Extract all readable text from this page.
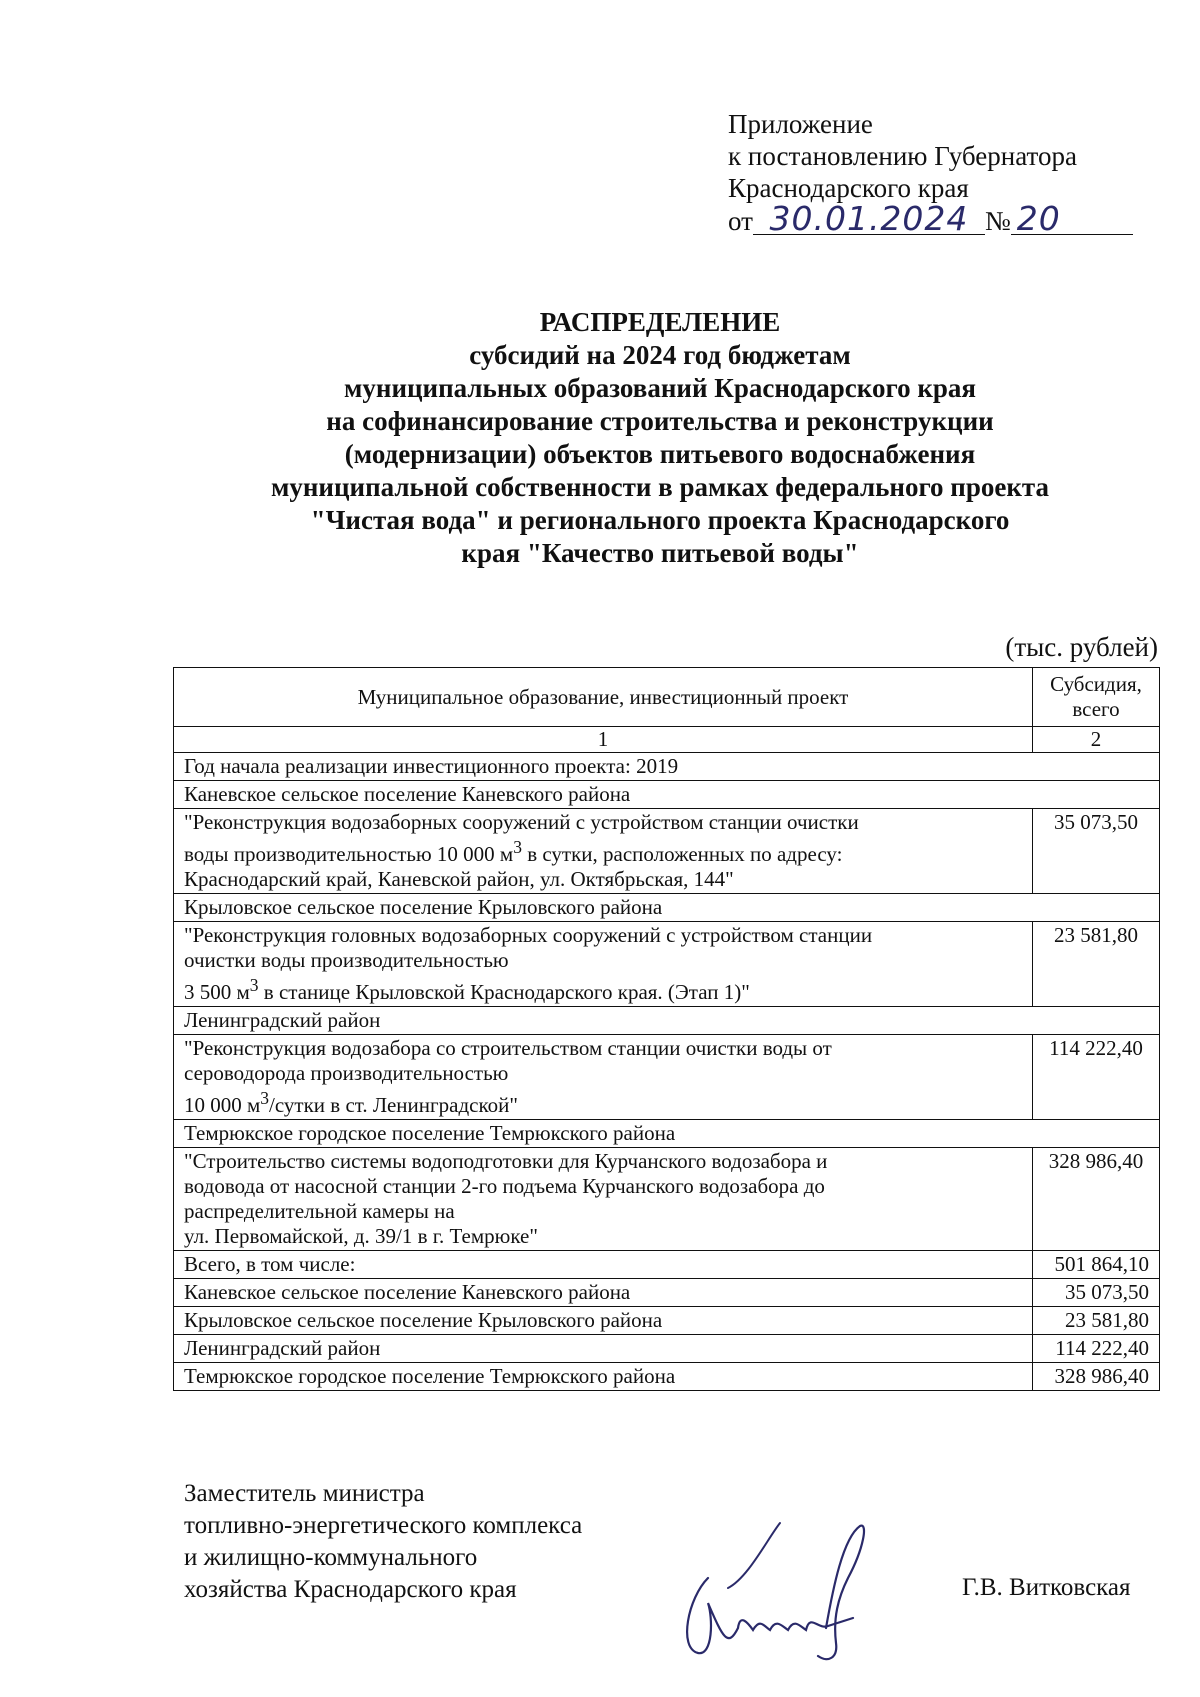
Приложение
к постановлению Губернатора
Краснодарского края
от 30.01.2024 № 20
РАСПРЕДЕЛЕНИЕ
субсидий на 2024 год бюджетам
муниципальных образований Краснодарского края
на софинансирование строительства и реконструкции
(модернизации) объектов питьевого водоснабжения
муниципальной собственности в рамках федерального проекта
"Чистая вода" и регионального проекта Краснодарского
края "Качество питьевой воды"
(тыс. рублей)
Муниципальное образование, инвестиционный проект	Субсидия,
всего

1	2
Год начала реализации инвестиционного проекта: 2019	
Каневское сельское поселение Каневского района	

"Реконструкция водозаборных сооружений с устройством станции очистки
воды производительностью 10 000 $м^3$ в сутки, расположенных по адресу:
Краснодарский край, Каневской район, ул. Октябрьская, 144"	35 073,50
Крыловское сельское поселение Крыловского района	

"Реконструкция головных водозаборных сооружений с устройством станции
очистки воды производительностью
3 500 $м^3$ в станице Крыловской Краснодарского края. (Этап 1)"	23 581,80
Ленинградский район	

"Реконструкция водозабора со строительством станции очистки воды от
сероводорода производительностью
10 000 $м^3$/сутки в ст. Ленинградской"	114 222,40
Темрюкское городское поселение Темрюкского района	

"Строительство системы водоподготовки для Курчанского водозабора и
водовода от насосной станции 2-го подъема Курчанского водозабора до
распределительной камеры на
ул. Первомайской, д. 39/1 в г. Темрюке"	328 986,40
Всего, в том числе:	501 864,10
Каневское сельское поселение Каневского района	35 073,50
Крыловское сельское поселение Крыловского района	23 581,80
Ленинградский район	114 222,40
Темрюкское городское поселение Темрюкского района	328 986,40
Заместитель министра
топливно-энергетического комплекса
и жилищно-коммунального
хозяйства Краснодарского края	Г.В. Витковская
